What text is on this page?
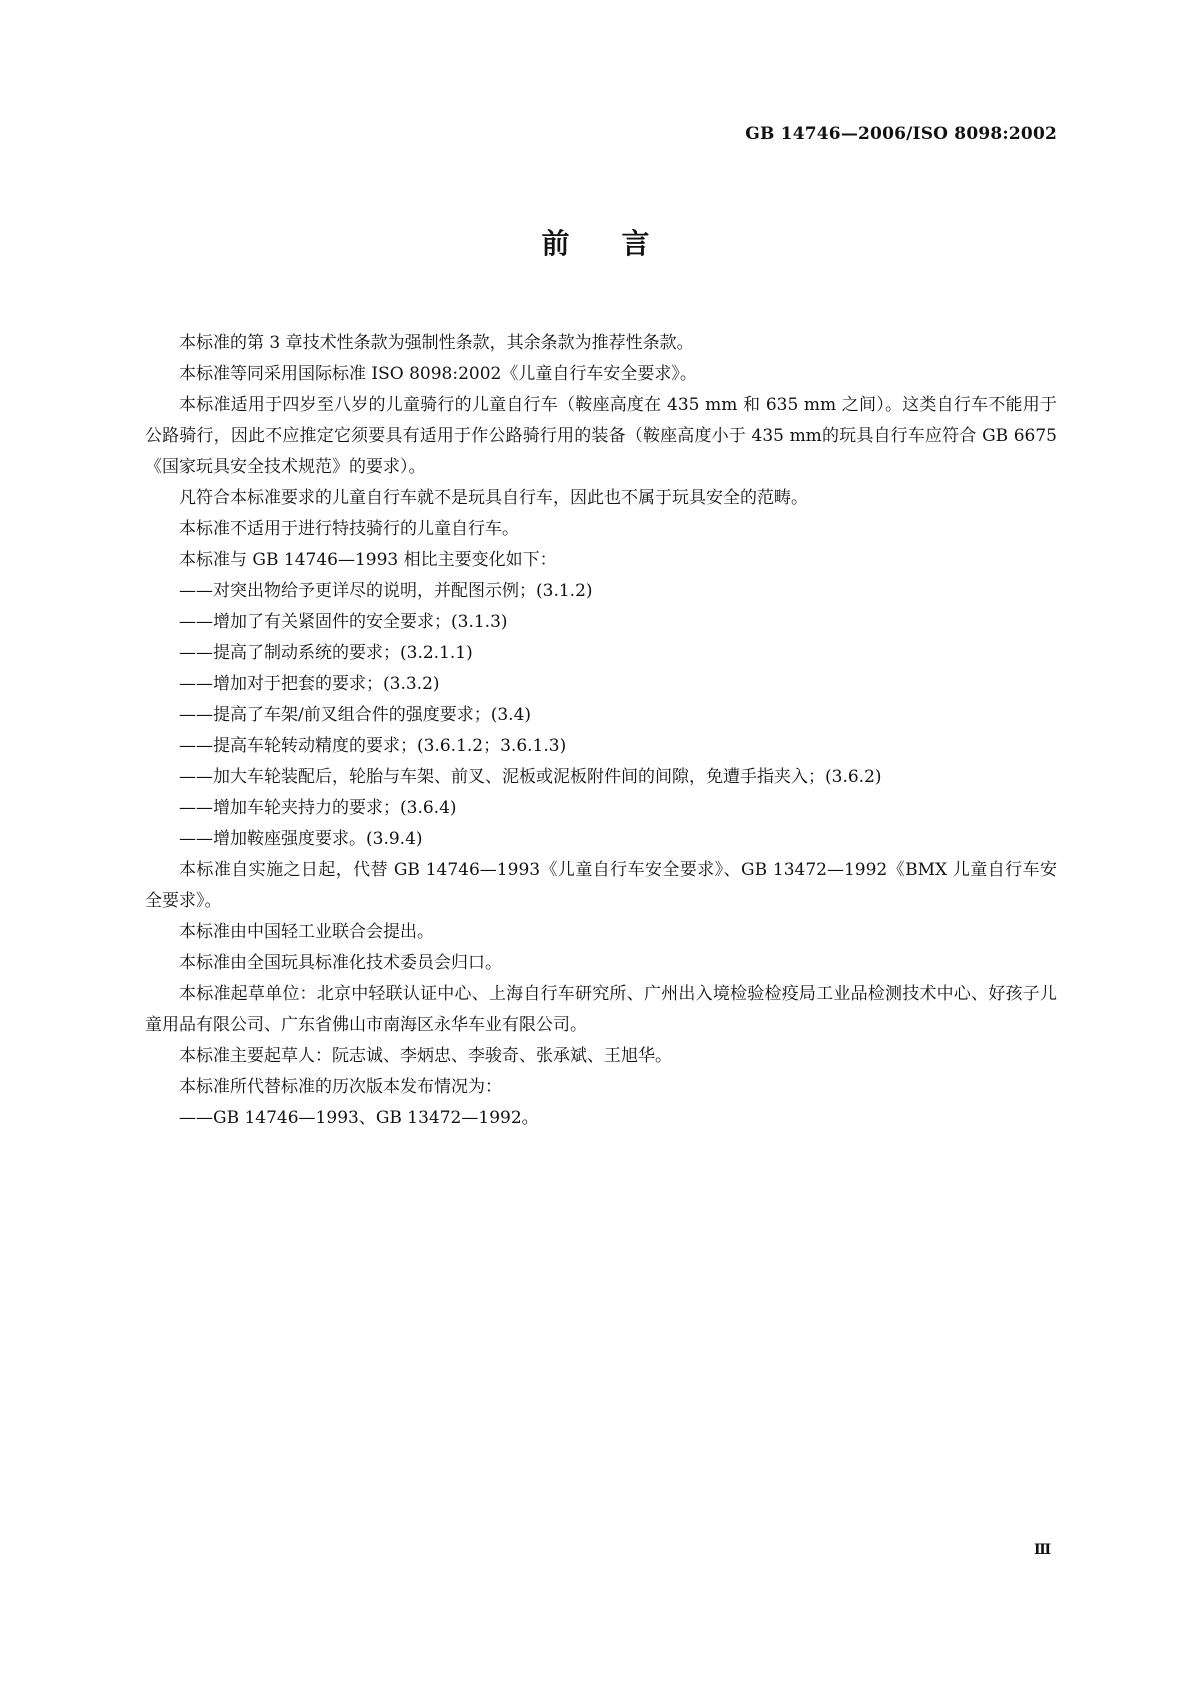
GB 14746—2006/ISO 8098:2002
前言

本标准的第 3 章技术性条款为强制性条款，其余条款为推荐性条款。

本标准等同采用国际标准 ISO 8098:2002《儿童自行车安全要求》。

本标准适用于四岁至八岁的儿童骑行的儿童自行车（鞍座高度在 435 mm 和 635 mm 之间）。这类自行车不能用于公路骑行，因此不应推定它须要具有适用于作公路骑行用的装备（鞍座高度小于 435 mm的玩具自行车应符合 GB 6675《国家玩具安全技术规范》的要求）。

凡符合本标准要求的儿童自行车就不是玩具自行车，因此也不属于玩具安全的范畴。

本标准不适用于进行特技骑行的儿童自行车。

本标准与 GB 14746—1993 相比主要变化如下：

——对突出物给予更详尽的说明，并配图示例；(3.1.2)

——增加了有关紧固件的安全要求；(3.1.3)

——提高了制动系统的要求；(3.2.1.1)

——增加对于把套的要求；(3.3.2)

——提高了车架/前叉组合件的强度要求；(3.4)

——提高车轮转动精度的要求；(3.6.1.2；3.6.1.3)

——加大车轮装配后，轮胎与车架、前叉、泥板或泥板附件间的间隙，免遭手指夹入；(3.6.2)

——增加车轮夹持力的要求；(3.6.4)

——增加鞍座强度要求。(3.9.4)

本标准自实施之日起，代替 GB 14746—1993《儿童自行车安全要求》、GB 13472—1992《BMX 儿童自行车安全要求》。

本标准由中国轻工业联合会提出。

本标准由全国玩具标准化技术委员会归口。

本标准起草单位：北京中轻联认证中心、上海自行车研究所、广州出入境检验检疫局工业品检测技术中心、好孩子儿童用品有限公司、广东省佛山市南海区永华车业有限公司。

本标准主要起草人：阮志诚、李炳忠、李骏奇、张承斌、王旭华。

本标准所代替标准的历次版本发布情况为：

——GB 14746—1993、GB 13472—1992。

Ⅲ
